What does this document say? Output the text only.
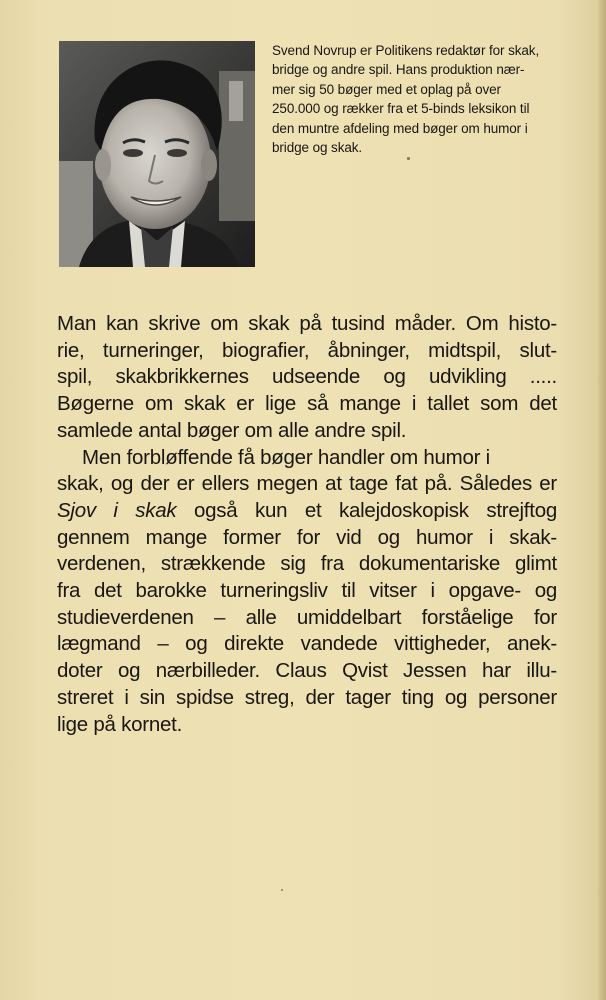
Svend Novrup er Politikens redaktør for skak,
bridge og andre spil. Hans produktion nær-
mer sig 50 bøger med et oplag på over
250.000 og rækker fra et 5-binds leksikon til
den muntre afdeling med bøger om humor i
bridge og skak.
Man kan skrive om skak på tusind måder. Om histo-
rie, turneringer, biografier, åbninger, midtspil, slut-
spil, skakbrikkernes udseende og udvikling .....
Bøgerne om skak er lige så mange i tallet som det
samlede antal bøger om alle andre spil.
Men forbløffende få bøger handler om humor i
skak, og der er ellers megen at tage fat på. Således er
Sjov i skak også kun et kalejdoskopisk strejftog
gennem mange former for vid og humor i skak-
verdenen, strækkende sig fra dokumentariske glimt
fra det barokke turneringsliv til vitser i opgave- og
studieverdenen – alle umiddelbart forståelige for
lægmand – og direkte vandede vittigheder, anek-
doter og nærbilleder. Claus Qvist Jessen har illu-
streret i sin spidse streg, der tager ting og personer
lige på kornet.
